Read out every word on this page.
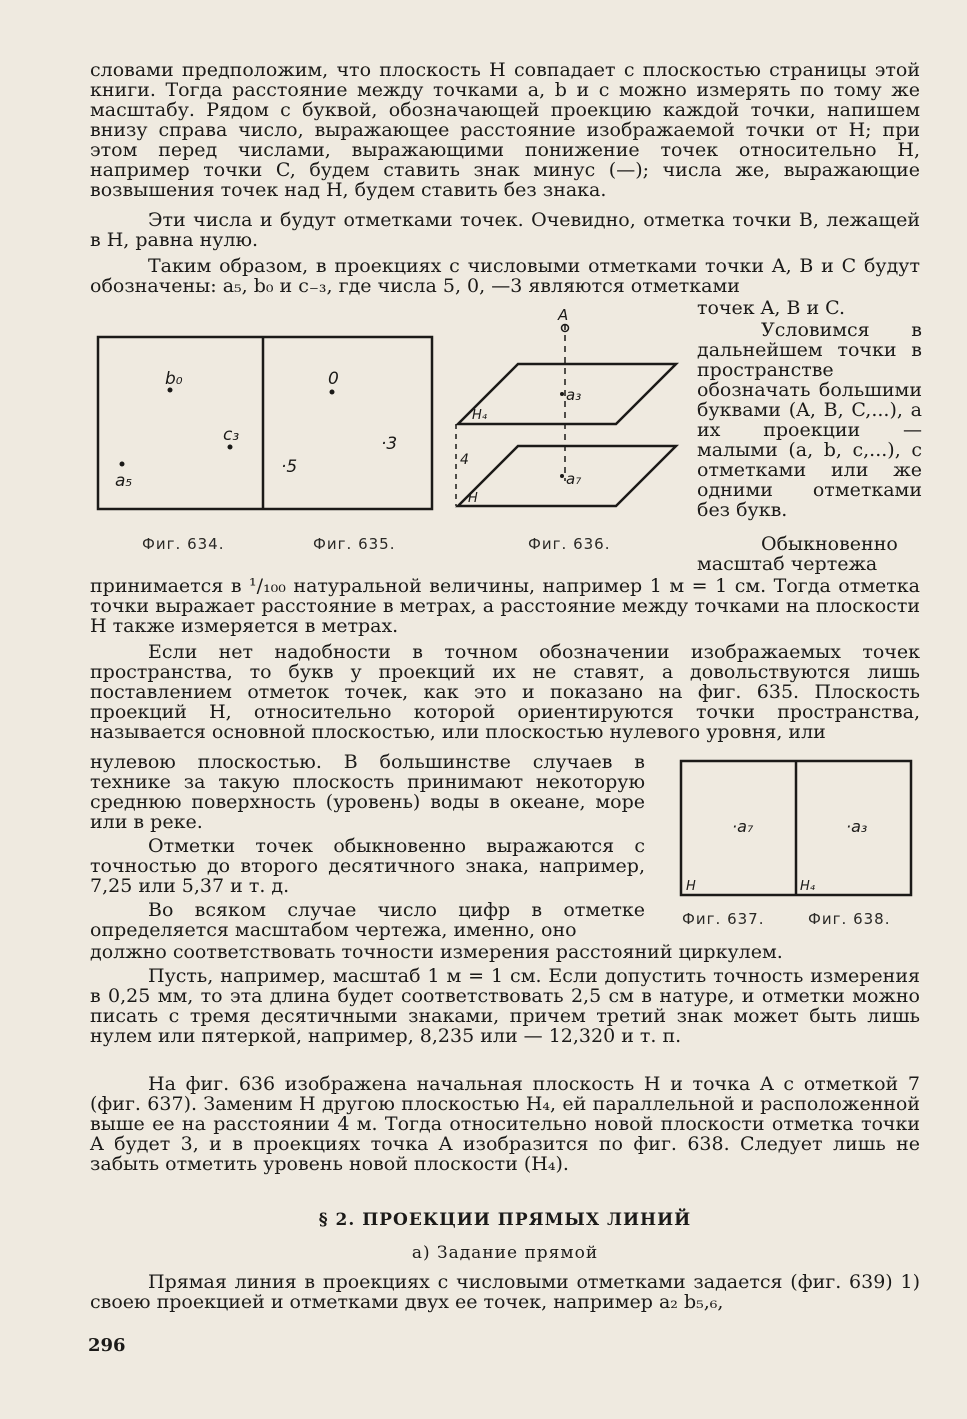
словами предположим, что плоскость H совпадает с плоскостью страницы этой книги. Тогда расстояние между точками a, b и c можно измерять по тому же масштабу. Рядом с буквой, обозначающей проекцию каждой точки, напишем внизу справа число, выражающее расстояние изображаемой точки от H; при этом перед числами, выражающими понижение точек относительно H, например точки C, будем ставить знак минус (—); числа же, выражающие возвышения точек над H, будем ставить без знака.

Эти числа и будут отметками точек. Очевидно, отметка точки B, лежащей в H, равна нулю.

Таким образом, в проекциях с числовыми отметками точки A, B и C будут обозначены: a₅, b₀ и c₋₃, где числа 5, 0, —3 являются отметками

точек A, B и C.

Условимся в дальнейшем точки в пространстве обозначать большими буквами (A, B, C,...), а их проекции — малыми (a, b, c,...), с отметками или же одними отметками без букв.

Обыкновенно масштаб чертежа

b₀
c₃
a₅
0
·3
·5
Фиг. 634.	Фиг. 635.
A
a₃
H₄
4
a₇
H
Фиг. 636.

принимается в ¹/₁₀₀ натуральной величины, например 1 м = 1 см. Тогда отметка точки выражает расстояние в метрах, а расстояние между точками на плоскости H также измеряется в метрах.

Если нет надобности в точном обозначении изображаемых точек пространства, то букв у проекций их не ставят, а довольствуются лишь поставлением отметок точек, как это и показано на фиг. 635. Плоскость проекций H, относительно которой ориентируются точки пространства, называется основной плоскостью, или плоскостью нулевого уровня, или

нулевою плоскостью. В большинстве случаев в технике за такую плоскость принимают некоторую среднюю поверхность (уровень) воды в океане, море или в реке.

Отметки точек обыкновенно выражаются с точностью до второго десятичного знака, например, 7,25 или 5,37 и т. д.

Во всяком случае число цифр в отметке определяется масштабом чертежа, именно, оно

·a₇
H
·a₃
H₄
Фиг. 637.	Фиг. 638.

должно соответствовать точности измерения расстояний циркулем.

Пусть, например, масштаб 1 м = 1 см. Если допустить точность измерения в 0,25 мм, то эта длина будет соответствовать 2,5 см в натуре, и отметки можно писать с тремя десятичными знаками, причем третий знак может быть лишь нулем или пятеркой, например, 8,235 или — 12,320 и т. п.

На фиг. 636 изображена начальная плоскость H и точка A с отметкой 7 (фиг. 637). Заменим H другою плоскостью H₄, ей параллельной и расположенной выше ее на расстоянии 4 м. Тогда относительно новой плоскости отметка точки A будет 3, и в проекциях точка A изобразится по фиг. 638. Следует лишь не забыть отметить уровень новой плоскости (H₄).

§ 2. ПРОЕКЦИИ ПРЯМЫХ ЛИНИЙ
а) Задание прямой

Прямая линия в проекциях с числовыми отметками задается (фиг. 639) 1) своею проекцией и отметками двух ее точек, например a₂ b₅,₆,

296
